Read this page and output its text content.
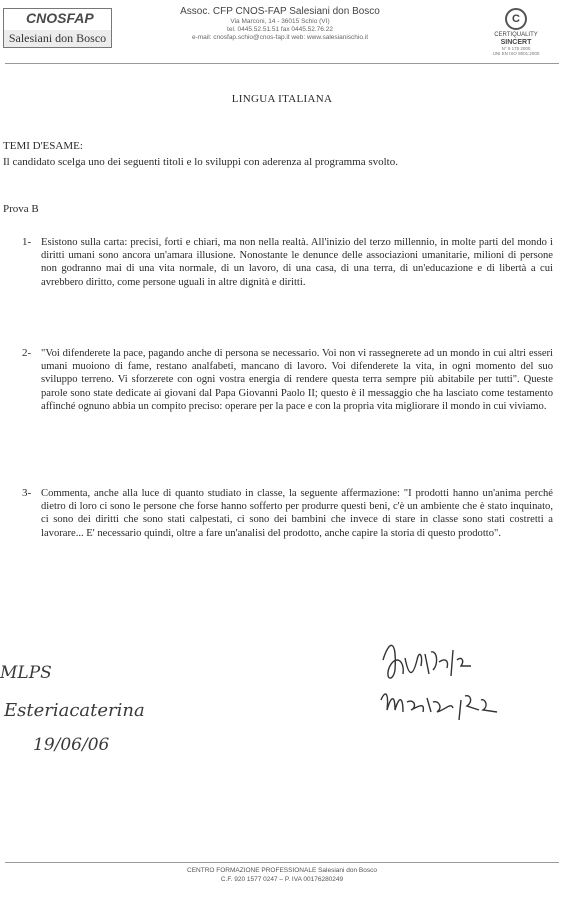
CNOSFAP
Salesiani don Bosco
Assoc. CFP CNOS-FAP Salesiani don Bosco
Via Marconi, 14 - 36015 Schio (VI)
tel. 0445.52.51.51 fax 0445.52.76.22
e-mail: cnosfap.schio@cnos-fap.it web: www.salesianischio.it
C
CERTIQUALITY
SINCERT
N° 9 175 2000
UNI EN ISO 9001:2000
LINGUA ITALIANA
TEMI D'ESAME:
Il candidato scelga uno dei seguenti titoli e lo sviluppi con aderenza al programma svolto.
Prova B
1- Esistono sulla carta: precisi, forti e chiari, ma non nella realtà. All'inizio del terzo millennio, in molte parti del mondo i diritti umani sono ancora un'amara illusione. Nonostante le denunce delle associazioni umanitarie, milioni di persone non godranno mai di una vita normale, di un lavoro, di una casa, di una terra, di un'educazione e di libertà a cui avrebbero diritto, come persone uguali in altre dignità e diritti.
2- "Voi difenderete la pace, pagando anche di persona se necessario. Voi non vi rassegnerete ad un mondo in cui altri esseri umani muoiono di fame, restano analfabeti, mancano di lavoro. Voi difenderete la vita, in ogni momento del suo sviluppo terreno. Vi sforzerete con ogni vostra energia di rendere questa terra sempre più abitabile per tutti". Queste parole sono state dedicate ai giovani dal Papa Giovanni Paolo II; questo è il messaggio che ha lasciato come testamento affinché ognuno abbia un compito preciso: operare per la pace e con la propria vita migliorare il mondo in cui viviamo.
3- Commenta, anche alla luce di quanto studiato in classe, la seguente affermazione: "I prodotti hanno un'anima perché dietro di loro ci sono le persone che forse hanno sofferto per produrre questi beni, c'è un ambiente che è stato inquinato, ci sono dei diritti che sono stati calpestati, ci sono dei bambini che invece di stare in classe sono stati costretti a lavorare... E' necessario quindi, oltre a fare un'analisi del prodotto, anche capire la storia di questo prodotto".
MLPS
Esteriacaterina
19/06/06
CENTRO FORMAZIONE PROFESSIONALE Salesiani don Bosco
C.F. 920 1577 0247 – P. IVA 00176280249
